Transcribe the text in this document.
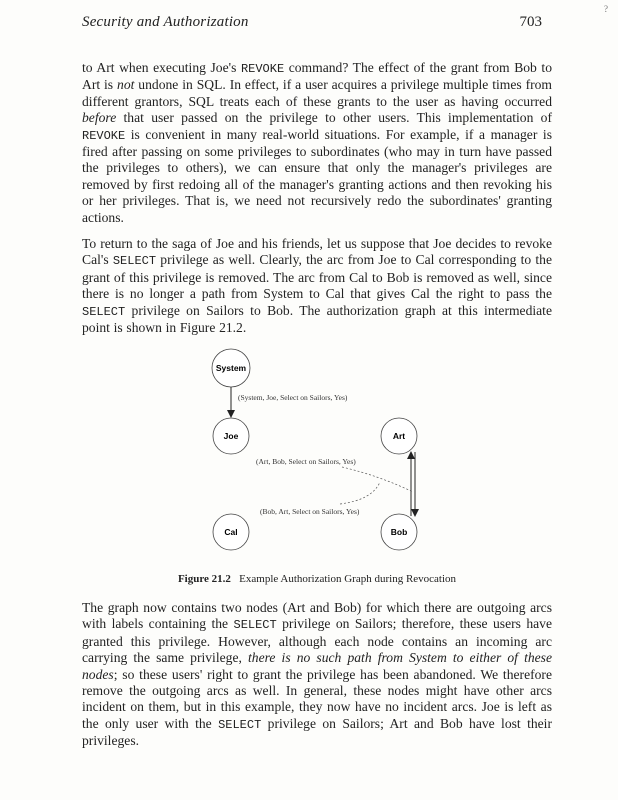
Security and Authorization	703
?
to Art when executing Joe's REVOKE command? The effect of the grant from Bob to Art is not undone in SQL. In effect, if a user acquires a privilege multiple times from different grantors, SQL treats each of these grants to the user as having occurred before that user passed on the privilege to other users. This implementation of REVOKE is convenient in many real-world situations. For example, if a manager is fired after passing on some privileges to subordinates (who may in turn have passed the privileges to others), we can ensure that only the manager's privileges are removed by first redoing all of the manager's granting actions and then revoking his or her privileges. That is, we need not recursively redo the subordinates' granting actions.
To return to the saga of Joe and his friends, let us suppose that Joe decides to revoke Cal's SELECT privilege as well. Clearly, the arc from Joe to Cal corresponding to the grant of this privilege is removed. The arc from Cal to Bob is removed as well, since there is no longer a path from System to Cal that gives Cal the right to pass the SELECT privilege on Sailors to Bob. The authorization graph at this intermediate point is shown in Figure 21.2.
System
Joe	Art
Cal	Bob
(System, Joe, Select on Sailors, Yes)
(Art, Bob, Select on Sailors, Yes)
(Bob, Art, Select on Sailors, Yes)
Figure 21.2 Example Authorization Graph during Revocation
The graph now contains two nodes (Art and Bob) for which there are outgoing arcs with labels containing the SELECT privilege on Sailors; therefore, these users have granted this privilege. However, although each node contains an incoming arc carrying the same privilege, there is no such path from System to either of these nodes; so these users' right to grant the privilege has been abandoned. We therefore remove the outgoing arcs as well. In general, these nodes might have other arcs incident on them, but in this example, they now have no incident arcs. Joe is left as the only user with the SELECT privilege on Sailors; Art and Bob have lost their privileges.
